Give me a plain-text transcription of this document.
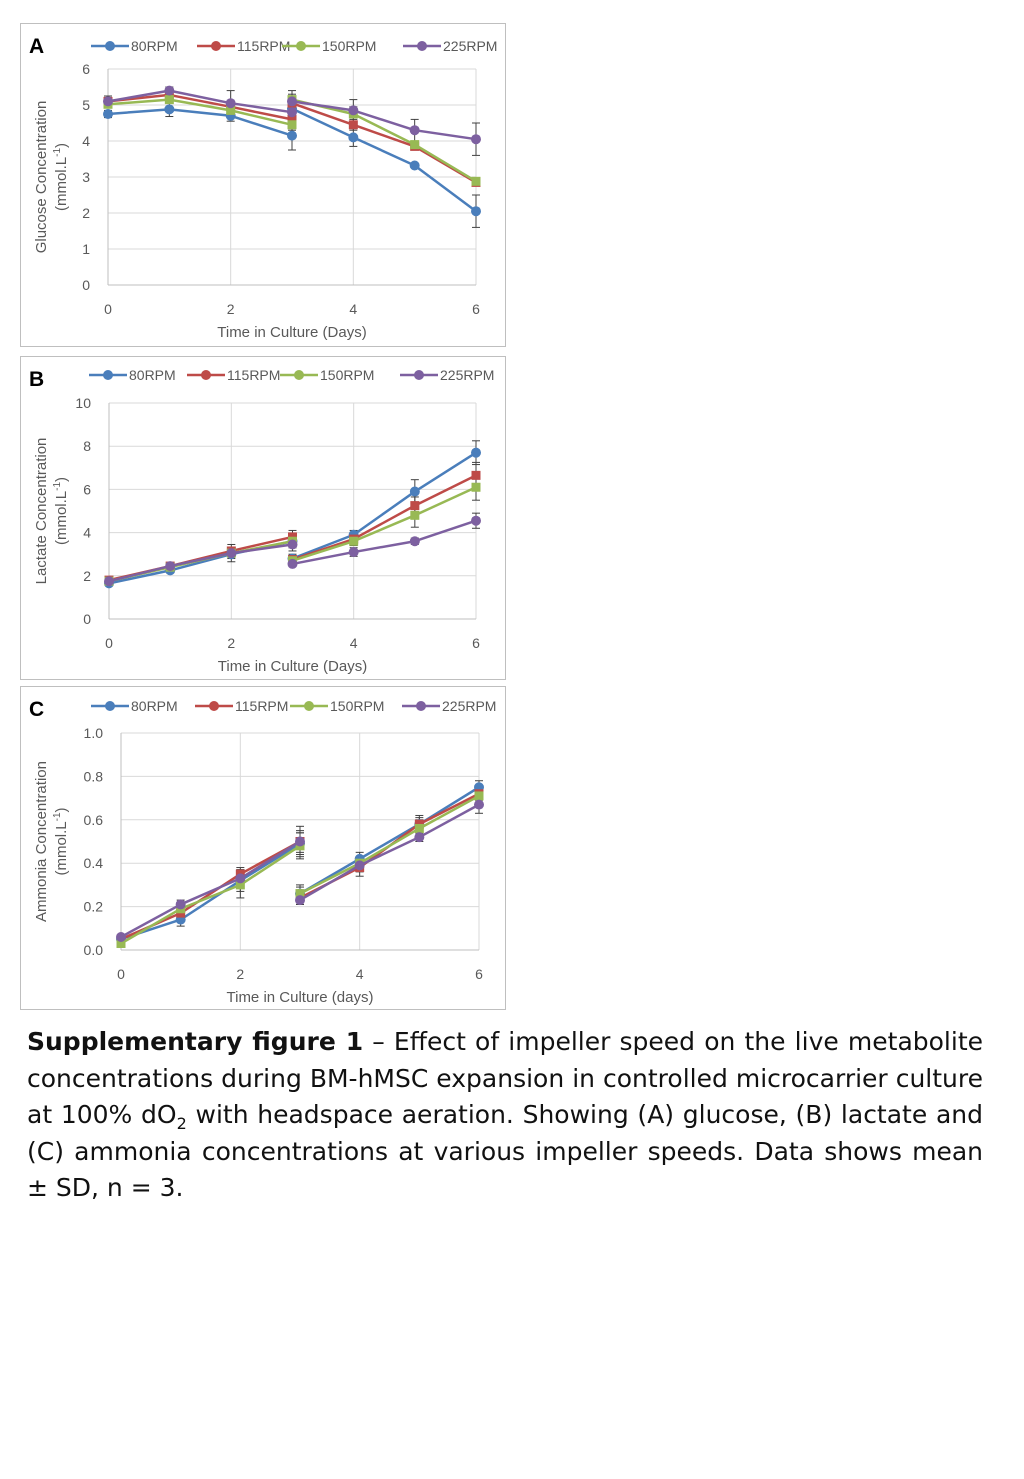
A
0
1
2
3
4
5
6
0	2	4	6
Time in Culture (Days)
Glucose Concentration $(mmol.L^{-1})$
80RPM	115RPM 150RPM	225RPM
B
0
2
4
6
8
10
0	2	4	6
Time in Culture (Days)
Lactate Concentration $(mmol.L^{-1})$
80RPM	115RPM	150RPM	225RPM
C
0.0
0.2
0.4
0.6
0.8
1.0
0	2	4	6
Time in Culture (days)
Ammonia Concentration $(mmol.L^{-1})$
80RPM	115RPM	150RPM	225RPM
Supplementary figure 1 – Effect of impeller speed on the live metabolite concentrations during BM-hMSC expansion in controlled microcarrier culture at 100% $dO_2$ with headspace aeration. Showing (A) glucose, (B) lactate and (C) ammonia concentrations at various impeller speeds. Data shows mean ± SD, n = 3.
